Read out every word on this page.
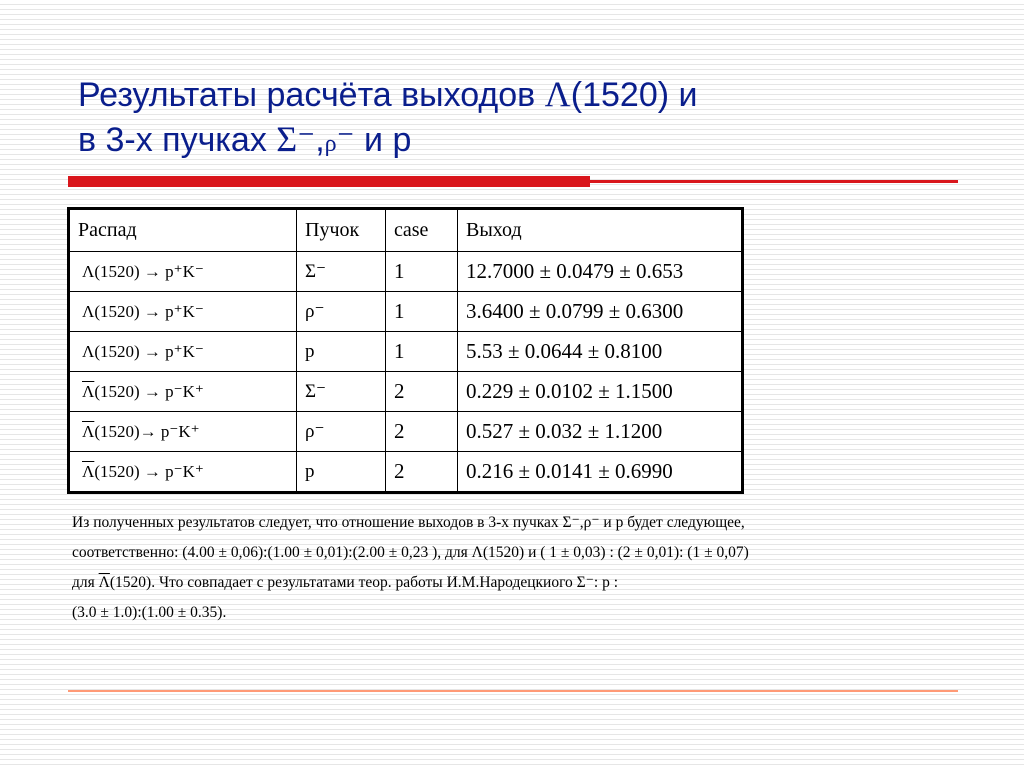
Результаты расчёта выходов Λ(1520) и
в 3-х пучках Σ⁻,ρ⁻ и p
Распад	Пучок	case	Выход
Λ(1520) → p⁺K⁻	Σ⁻	1	12.7000 ± 0.0479 ± 0.653
Λ(1520) → p⁺K⁻	ρ⁻	1	3.6400 ± 0.0799 ± 0.6300
Λ(1520) → p⁺K⁻	p	1	5.53 ± 0.0644 ± 0.8100
$\overline{\Lambda}(1520) \to p^-K^+$	Σ⁻	2	0.229 ± 0.0102 ± 1.1500
$\overline{\Lambda}(1520)\to p^-K^+$	ρ⁻	2	0.527 ± 0.032 ± 1.1200
$\overline{\Lambda}(1520) \to p^-K^+$	p	2	0.216 ± 0.0141 ± 0.6990

Из полученных результатов следует, что отношение выходов в 3-х пучках Σ⁻,ρ⁻ и p будет следующее,

соответственно: (4.00 ± 0,06):(1.00 ± 0,01):(2.00 ± 0,23 ), для Λ(1520) и ( 1 ± 0,03) : (2 ± 0,01): (1 ± 0,07)

для $\overline{\Lambda}(1520)$. Что совпадает с результатами теор. работы И.М.Народецкиого Σ⁻: p :

(3.0 ± 1.0):(1.00 ± 0.35).
